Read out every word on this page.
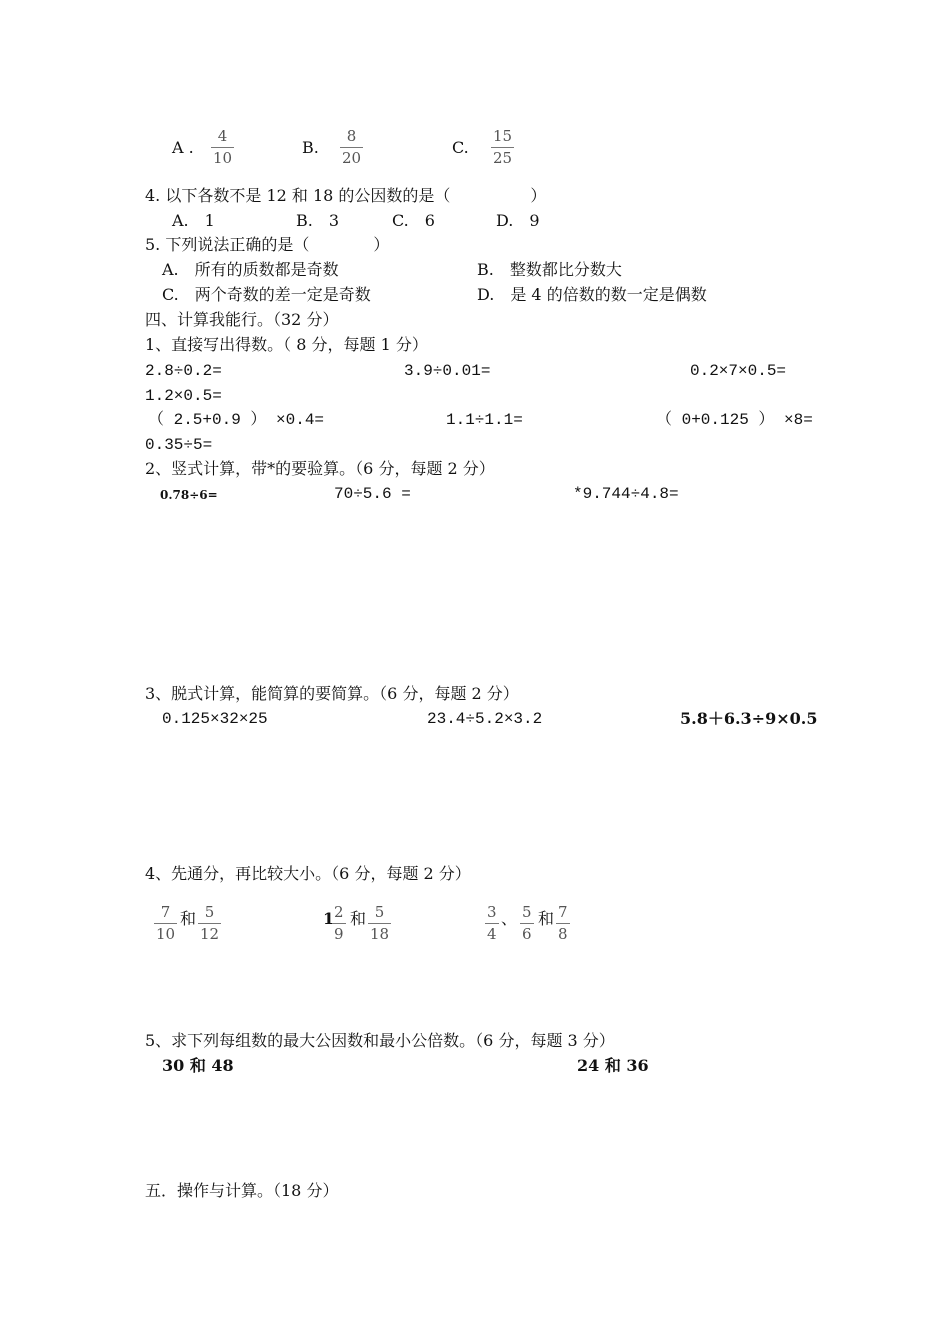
A .
4
10
B.
8
20
C.
15
25
4. 以下各数不是 12 和 18 的公因数的是（　　　　　）
A.　1	B.　3	C.　6	D.　9
5. 下列说法正确的是（　　　　）
A.　所有的质数都是奇数	B.　整数都比分数大
C.　两个奇数的差一定是奇数	D.　是 4 的倍数的数一定是偶数
四、计算我能行。（32 分）
1、直接写出得数。（ 8 分，每题 1 分）
2.8÷0.2=	3.9÷0.01=	0.2×7×0.5=
1.2×0.5=
（ 2.5+0.9 ） ×0.4=	1.1÷1.1=	（ 0+0.125 ） ×8=
0.35÷5=
2、竖式计算，带*的要验算。（6 分，每题 2 分）
0.78÷6=	70÷5.6 =	*9.744÷4.8=
3、脱式计算，能简算的要简算。（6 分，每题 2 分）
0.125×32×25	23.4÷5.2×3.2	5.8＋6.3÷9×0.5
4、先通分，再比较大小。（6 分，每题 2 分）
7
10
和 5
12
1 2
9
和 5
18
3
4
、 5
6
和 7
8
5、求下列每组数的最大公因数和最小公倍数。（6 分，每题 3 分）
30 和 48	24 和 36
五．操作与计算。（18 分）
